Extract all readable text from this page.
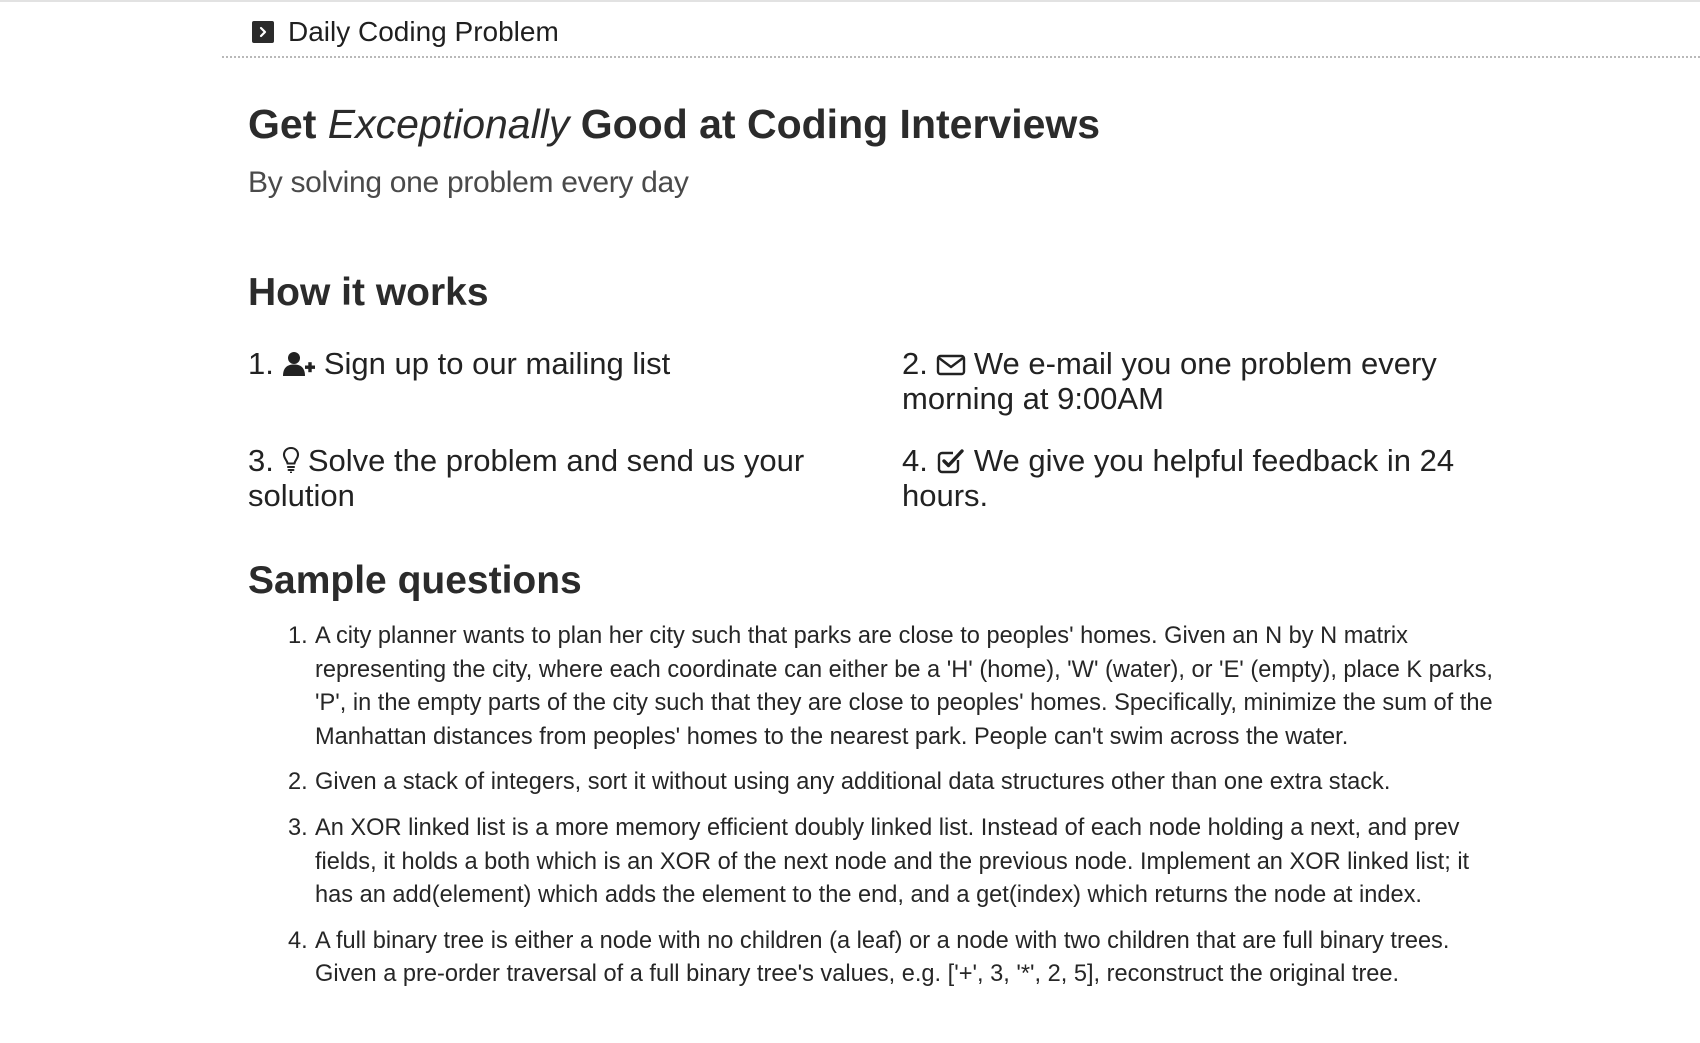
Daily Coding Problem
Get Exceptionally Good at Coding Interviews
By solving one problem every day
How it works
1. Sign up to our mailing list	2. We e-mail you one problem every morning at 9:00AM
3. Solve the problem and send us your solution
4. We give you helpful feedback in 24 hours.
Sample questions
1. A city planner wants to plan her city such that parks are close to peoples' homes. Given an N by N matrix representing the city, where each coordinate can either be a 'H' (home), 'W' (water), or 'E' (empty), place K parks, 'P', in the empty parts of the city such that they are close to peoples' homes. Specifically, minimize the sum of the Manhattan distances from peoples' homes to the nearest park. People can't swim across the water.
2. Given a stack of integers, sort it without using any additional data structures other than one extra stack.
3. An XOR linked list is a more memory efficient doubly linked list. Instead of each node holding a next, and prev fields, it holds a both which is an XOR of the next node and the previous node. Implement an XOR linked list; it has an add(element) which adds the element to the end, and a get(index) which returns the node at index.
4. A full binary tree is either a node with no children (a leaf) or a node with two children that are full binary trees. Given a pre-order traversal of a full binary tree's values, e.g. ['+', 3, '*', 2, 5], reconstruct the original tree.
